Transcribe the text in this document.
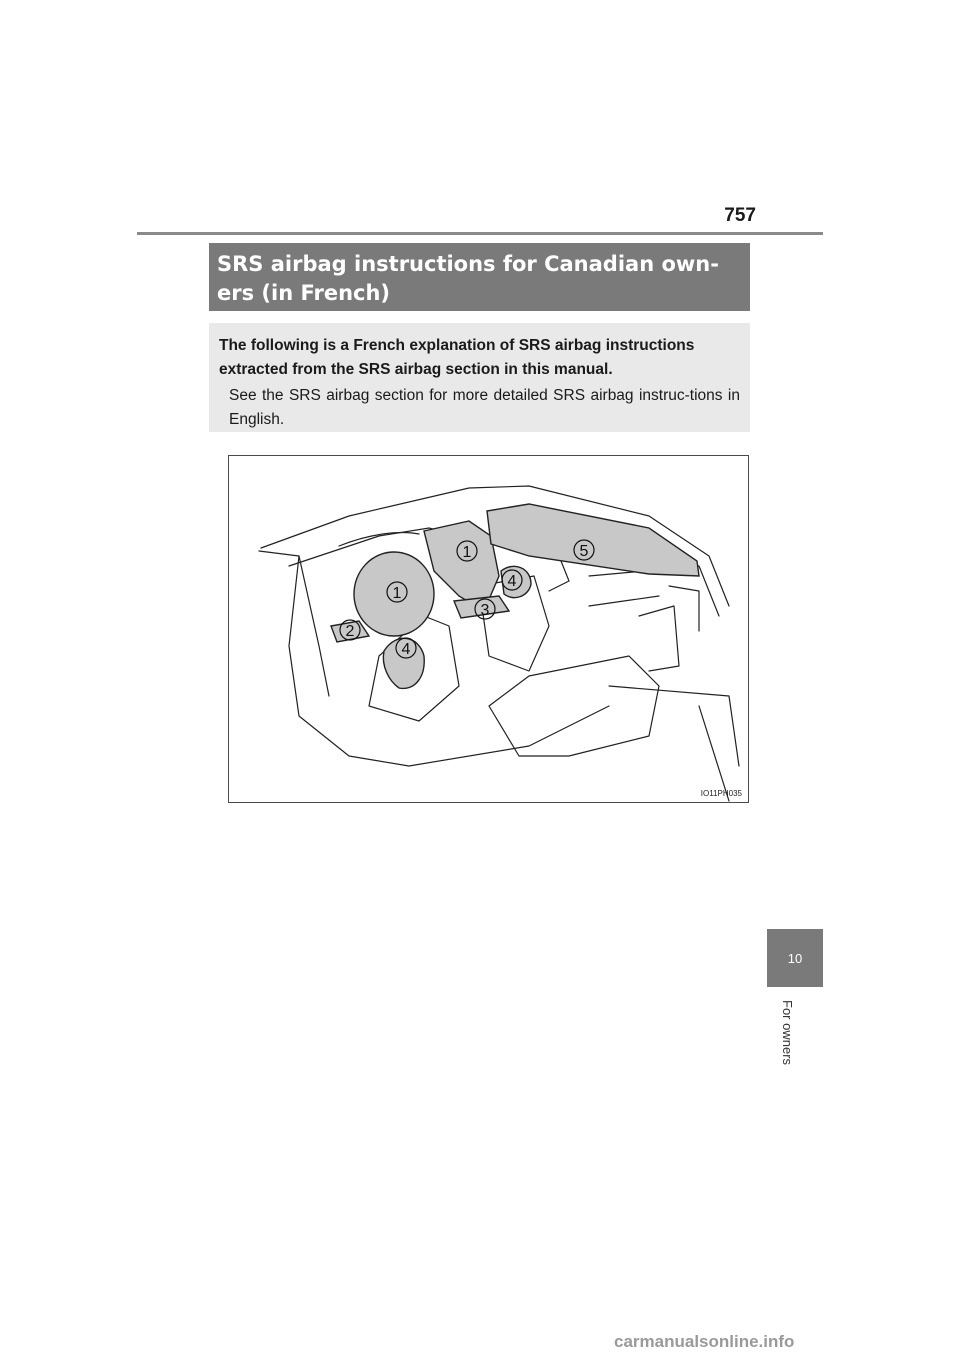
757
SRS airbag instructions for Canadian own-ers (in French)

The following is a French explanation of SRS airbag instructions extracted from the SRS airbag section in this manual.

See the SRS airbag section for more detailed SRS airbag instruc-tions in English.

1
1
2
3
4
4
5
IO11PH035
10
For owners
carmanualsonline.info
